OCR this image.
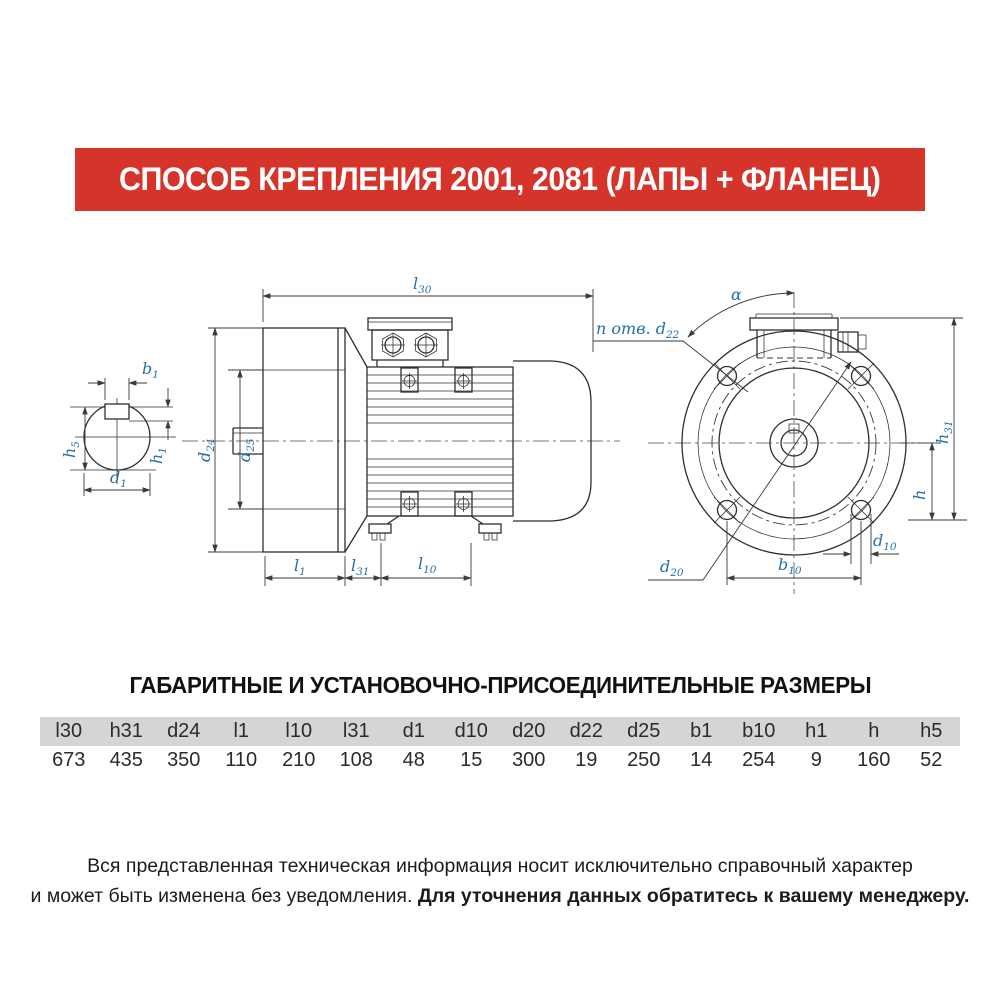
СПОСОБ КРЕПЛЕНИЯ 2001, 2081 (ЛАПЫ + ФЛАНЕЦ)
$b_1$
$h_5$
$h_1$
$d_1$
$l_{30}$
$d_{24}$
$d_{25}$
$l_1$	$l_{31}$	$l_{10}$
n отв. $d_{22}$
α
$d_{20}$	$b_{10}$
$d_{10}$
h
$h_{31}$
ГАБАРИТНЫЕ И УСТАНОВОЧНО-ПРИСОЕДИНИТЕЛЬНЫЕ РАЗМЕРЫ
l30	h31	d24	l1	l10	l31	d1	d10	d20	d22	d25	b1	b10	h1	h	h5
673	435	350	110	210	108	48	15	300	19	250	14	254	9	160	52
Вся представленная техническая информация носит исключительно справочный характер
и может быть изменена без уведомления. Для уточнения данных обратитесь к вашему менеджеру.
